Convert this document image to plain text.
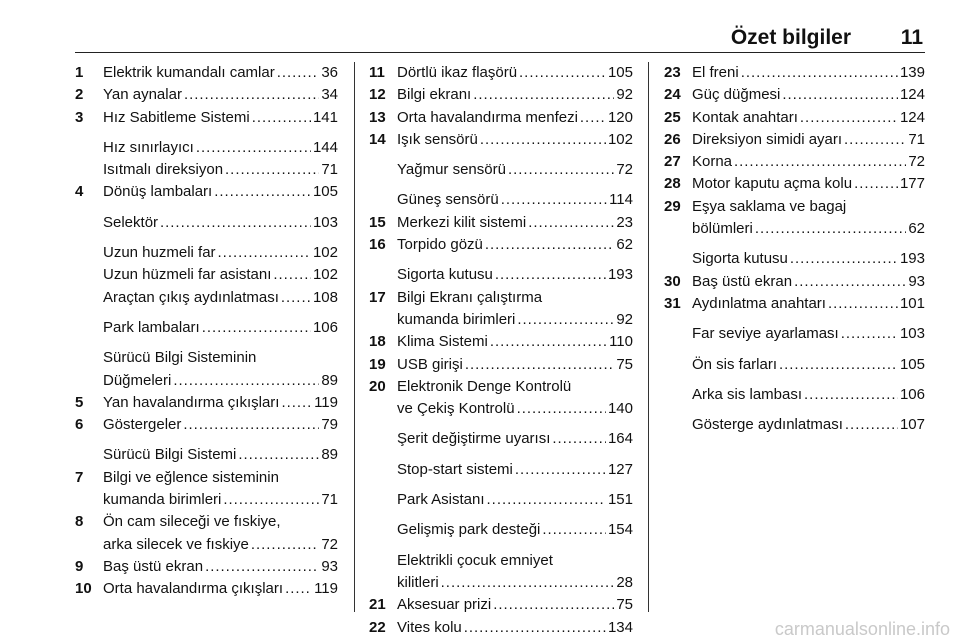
Özet bilgiler 11
1	Elektrik kumandalı camlar . . .	36
2	Yan aynalar . . .	34
3	Hız Sabitleme Sistemi . . .	141
Hız sınırlayıcı . . .	144
Isıtmalı direksiyon . . .	71
4	Dönüş lambaları . . .	105
Selektör . . .	103
Uzun huzmeli far . . .	102
Uzun hüzmeli far asistanı . . .	102
Araçtan çıkış aydınlatması . . . 108
Park lambaları . . .	106
Sürücü Bilgi Sisteminin
Düğmeleri . . .	89
5	Yan havalandırma çıkışları . . . 119
6	Göstergeler . . .	79
Sürücü Bilgi Sistemi . . .	89
7	Bilgi ve eğlence sisteminin
kumanda birimleri . . .	71
8	Ön cam sileceği ve fıskiye,
arka silecek ve fıskiye . . .	72
9	Baş üstü ekran . . .	93
10 Orta havalandırma çıkışları . . . 119
11 Dörtlü ikaz flaşörü . . .	105
12 Bilgi ekranı . . .	92
13 Orta havalandırma menfezi . . . 120
14 Işık sensörü . . .	102
Yağmur sensörü . . .	72
Güneş sensörü . . .	114
15 Merkezi kilit sistemi . . .	23
16 Torpido gözü . . .	62
Sigorta kutusu . . .	193
17 Bilgi Ekranı çalıştırma
kumanda birimleri . . .	92
18 Klima Sistemi . . .	110
19 USB girişi . . .	75
20 Elektronik Denge Kontrolü
ve Çekiş Kontrolü . . .	140
Şerit değiştirme uyarısı . . .	164
Stop-start sistemi . . .	127
Park Asistanı . . .	151
Gelişmiş park desteği . . .	154
Elektrikli çocuk emniyet
kilitleri . . .	28
21 Aksesuar prizi . . .	75
22 Vites kolu . . .	134
23 El freni . . .	139
24 Güç düğmesi . . .	124
25 Kontak anahtarı . . .	124
26 Direksiyon simidi ayarı . . .	71
27 Korna . . .	72
28 Motor kaputu açma kolu . . .	177
29 Eşya saklama ve bagaj
bölümleri . . .	62
Sigorta kutusu . . .	193
30 Baş üstü ekran . . .	93
31 Aydınlatma anahtarı . . .	101
Far seviye ayarlaması . . .	103
Ön sis farları . . .	105
Arka sis lambası . . .	106
Gösterge aydınlatması . . .	107
carmanualsonline.info
